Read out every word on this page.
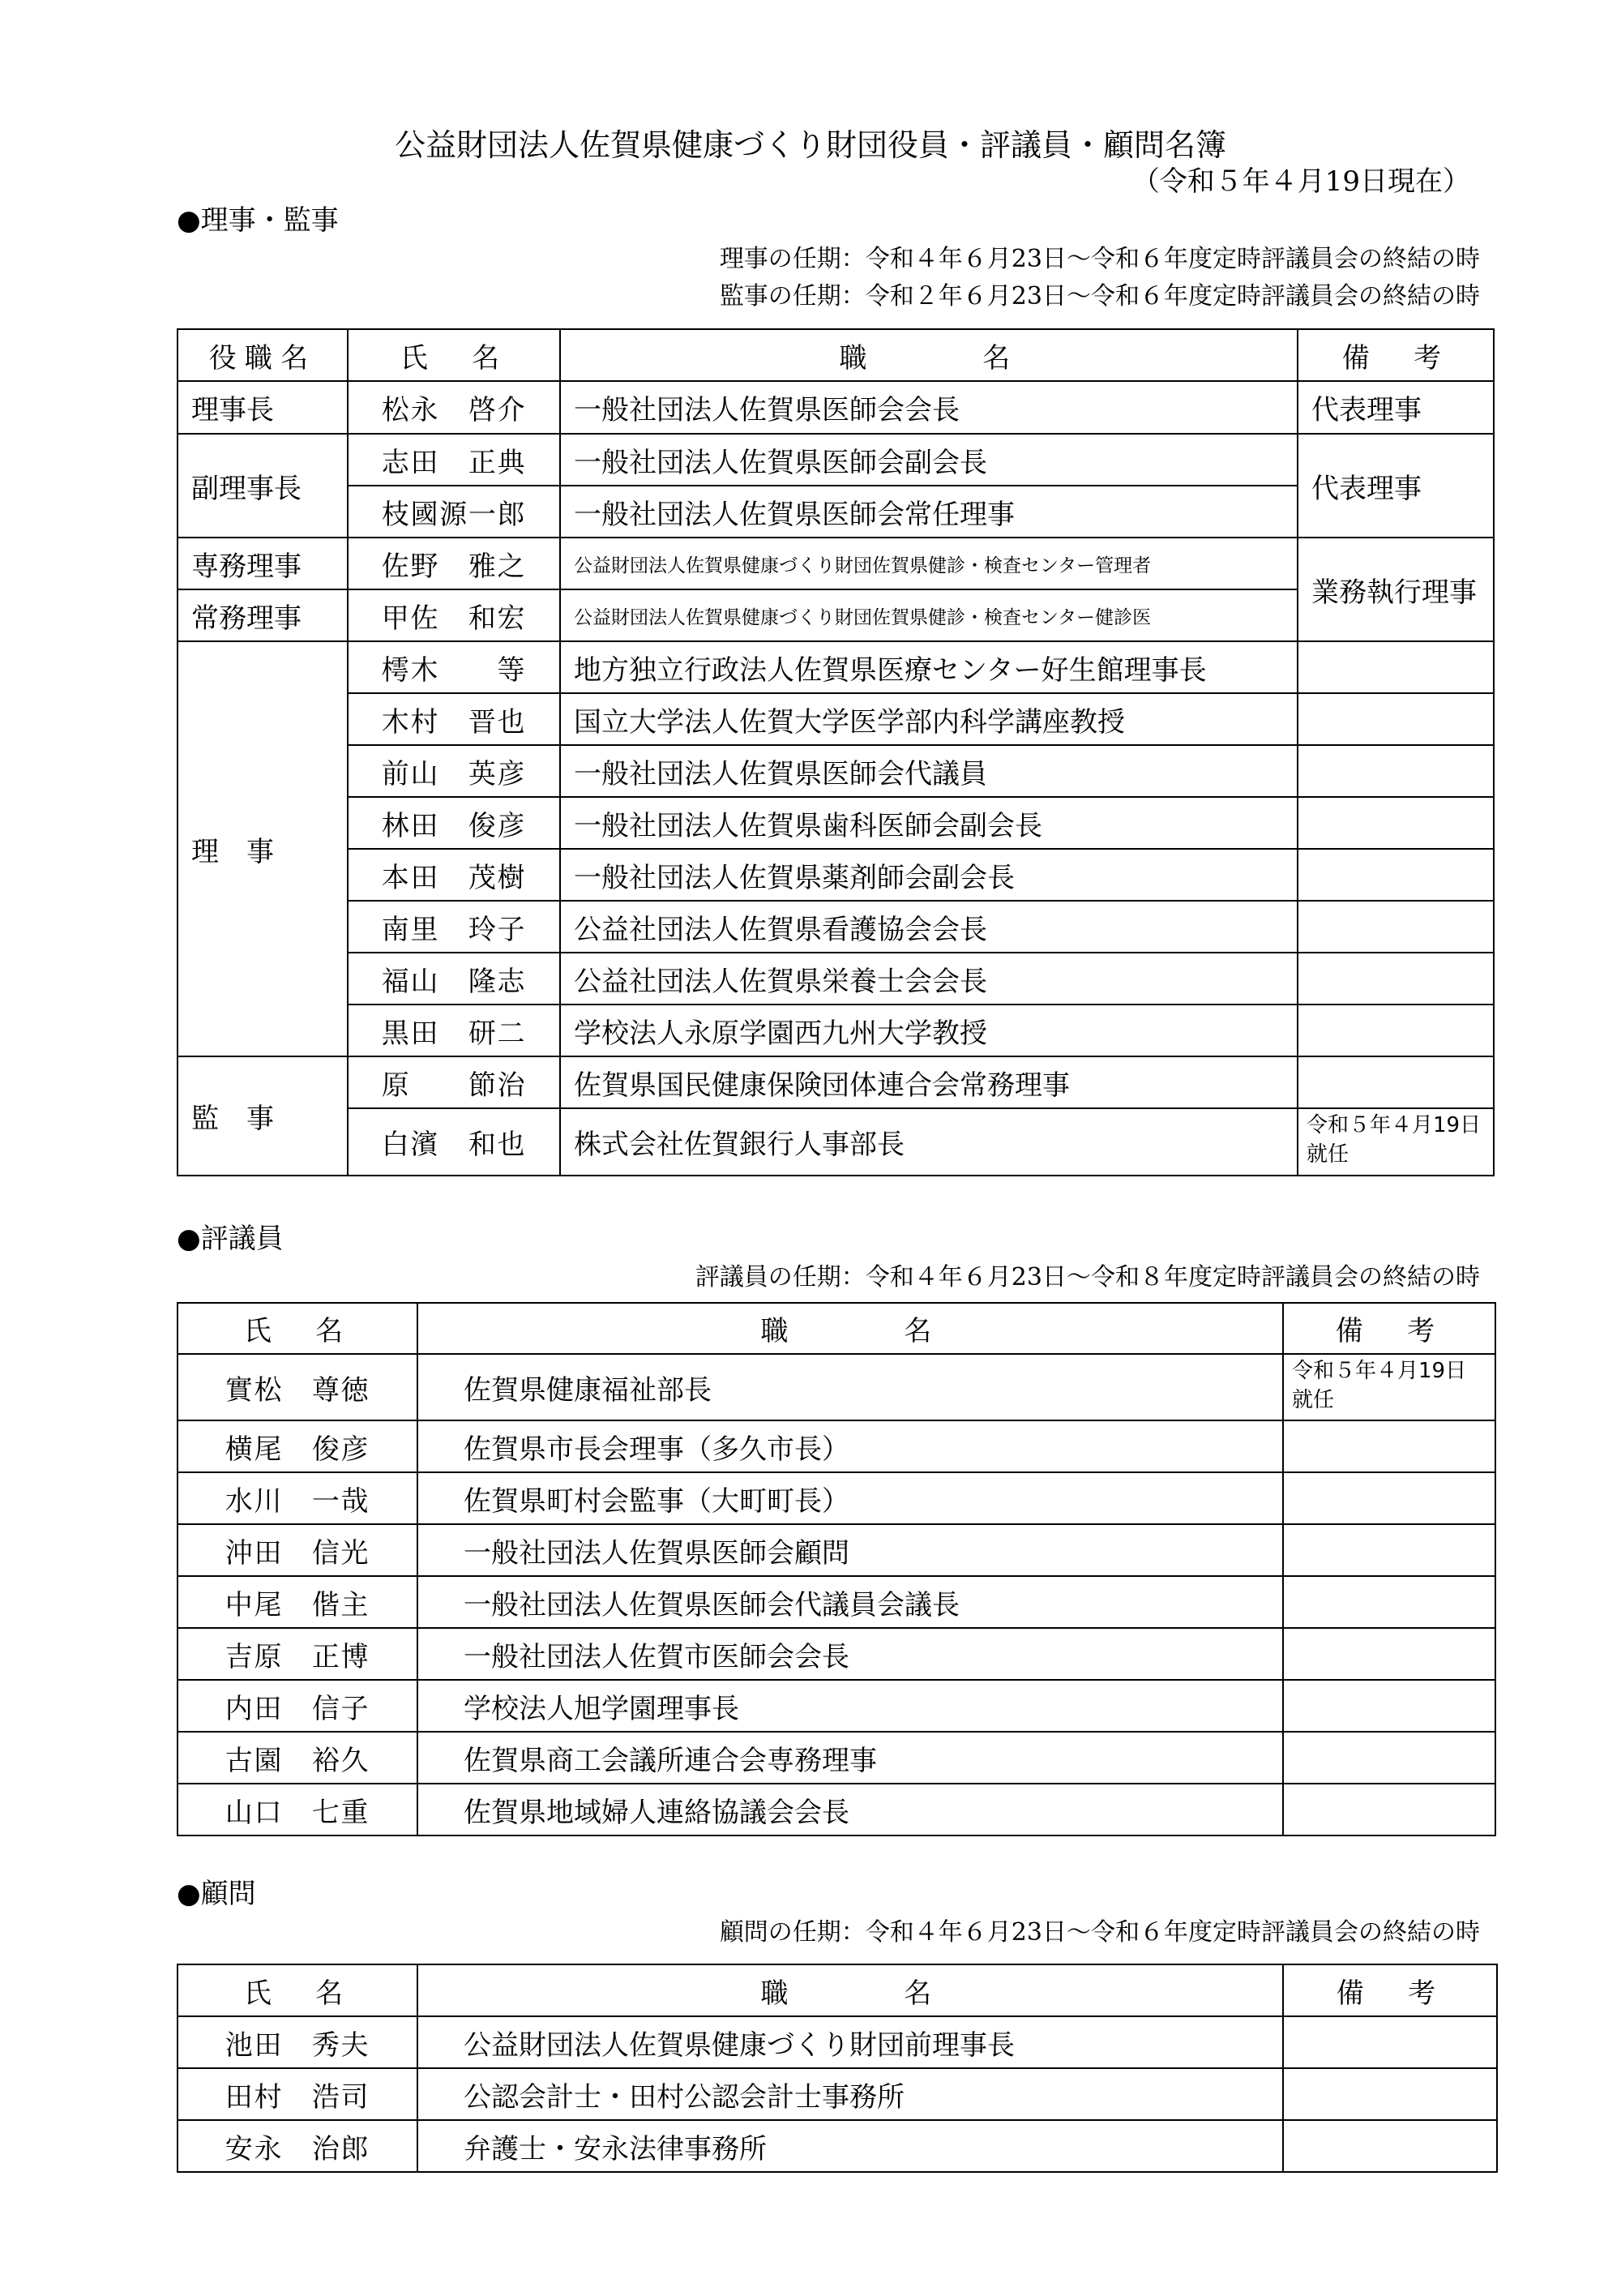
公益財団法人佐賀県健康づくり財団役員・評議員・顧問名簿
（令和５年４月19日現在）
●理事・監事
理事の任期：令和４年６月23日～令和６年度定時評議員会の終結の時
監事の任期：令和２年６月23日～令和６年度定時評議員会の終結の時
役職名	氏　名	職　　　名	備　考
理事長	松永　啓介	一般社団法人佐賀県医師会会長	代表理事
副理事長	志田　正典	一般社団法人佐賀県医師会副会長	代表理事
	枝國源一郎	一般社団法人佐賀県医師会常任理事	
専務理事	佐野　雅之	公益財団法人佐賀県健康づくり財団佐賀県健診・検査センター管理者	業務執行理事
常務理事	甲佐　和宏	公益財団法人佐賀県健康づくり財団佐賀県健診・検査センター健診医	
理　事	樗木　　等	地方独立行政法人佐賀県医療センター好生館理事長	
	木村　晋也	国立大学法人佐賀大学医学部内科学講座教授	
	前山　英彦	一般社団法人佐賀県医師会代議員	
	林田　俊彦	一般社団法人佐賀県歯科医師会副会長	
	本田　茂樹	一般社団法人佐賀県薬剤師会副会長	
	南里　玲子	公益社団法人佐賀県看護協会会長	
	福山　隆志	公益社団法人佐賀県栄養士会会長	
	黒田　研二	学校法人永原学園西九州大学教授	
監　事	原　　節治	佐賀県国民健康保険団体連合会常務理事	
	白濱　和也	株式会社佐賀銀行人事部長	令和５年４月19日就任
●評議員
評議員の任期：令和４年６月23日～令和８年度定時評議員会の終結の時
氏　名	職　　　名	備　考
實松　尊徳	佐賀県健康福祉部長	令和５年４月19日就任
横尾　俊彦	佐賀県市長会理事（多久市長）	
水川　一哉	佐賀県町村会監事（大町町長）	
沖田　信光	一般社団法人佐賀県医師会顧問	
中尾　偕主	一般社団法人佐賀県医師会代議員会議長	
吉原　正博	一般社団法人佐賀市医師会会長	
内田　信子	学校法人旭学園理事長	
古園　裕久	佐賀県商工会議所連合会専務理事	
山口　七重	佐賀県地域婦人連絡協議会会長	
●顧問
顧問の任期：令和４年６月23日～令和６年度定時評議員会の終結の時
氏　名	職　　　名	備　考
池田　秀夫	公益財団法人佐賀県健康づくり財団前理事長	
田村　浩司	公認会計士・田村公認会計士事務所	
安永　治郎	弁護士・安永法律事務所	
